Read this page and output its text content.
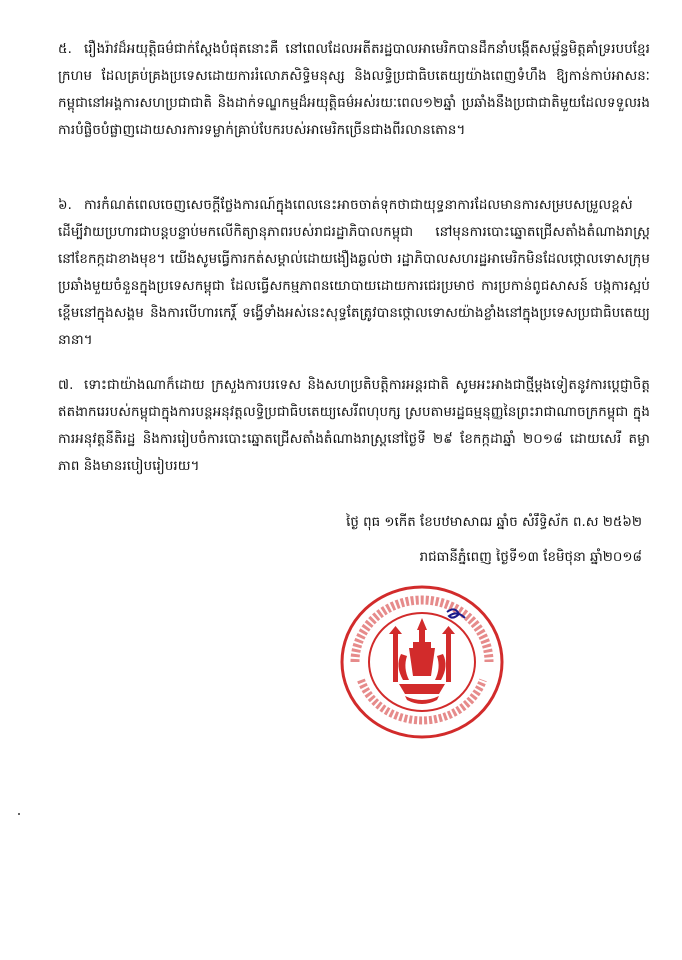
៥. រឿងរ៉ាវដ៏អយុត្តិធម៌ជាក់ស្តែងបំផុតនោះគឺ នៅពេលដែលអតីតរដ្ឋបាលអាមេរិកបានដឹកនាំបង្កើតសម្ព័ន្ធមិត្តគាំទ្ររបបខ្មែរក្រហម ដែលគ្រប់គ្រងប្រទេសដោយការរំលោភសិទ្ធិមនុស្ស និងលទ្ធិប្រជាធិបតេយ្យយ៉ាងពេញទំហឹង ឱ្យកាន់កាប់អាសនៈកម្ពុជានៅអង្គការសហប្រជាជាតិ និងដាក់ទណ្ឌកម្មដ៏អយុត្តិធម៌អស់រយៈពេល១២ឆ្នាំ ប្រឆាំងនឹងប្រជាជាតិមួយដែលទទួលរងការបំផ្លិចបំផ្លាញដោយសារការទម្លាក់គ្រាប់បែករបស់អាមេរិកច្រើនជាងពីរលានតោន។
៦. ការកំណត់ពេលចេញសេចក្តីថ្លែងការណ៍ក្នុងពេលនេះអាចចាត់ទុកថាជាយុទ្ធនាការដែលមានការសម្របសម្រួលខ្ពស់ដើម្បីវាយប្រហារជាបន្តបន្ទាប់មកលើកិត្យានុភាពរបស់រាជរដ្ឋាភិបាលកម្ពុជា នៅមុនការបោះឆ្នោតជ្រើសតាំងតំណាងរាស្ត្រនៅខែកក្កដាខាងមុខ។ យើងសូមធ្វើការកត់សម្គាល់ដោយងឿងឆ្ងល់ថា រដ្ឋាភិបាលសហរដ្ឋអាមេរិកមិនដែលថ្កោលទោសក្រុមប្រឆាំងមួយចំនួនក្នុងប្រទេសកម្ពុជា ដែលធ្វើសកម្មភាពនយោបាយដោយការជេរប្រមាថ ការប្រកាន់ពូជសាសន៍ បង្កការស្អប់ខ្ពើមនៅក្នុងសង្គម និងការបើហារកេរ្តិ៍ ទង្វើទាំងអស់នេះសុទ្ធតែត្រូវបានថ្កោលទោសយ៉ាងខ្លាំងនៅក្នុងប្រទេសប្រជាធិបតេយ្យនានា។
៧. ទោះជាយ៉ាងណាក៏ដោយ ក្រសួងការបរទេស និងសហប្រតិបត្តិការអន្តរជាតិ សូមអះអាងជាថ្មីម្តងទៀតនូវការប្តេជ្ញាចិត្តឥតងាករេរបស់កម្ពុជាក្នុងការបន្តអនុវត្តលទ្ធិប្រជាធិបតេយ្យសេរីពហុបក្ស ស្របតាមរដ្ឋធម្មនុញ្ញនៃព្រះរាជាណាចក្រកម្ពុជា ក្នុងការអនុវត្តនីតិរដ្ឋ និងការរៀបចំការបោះឆ្នោតជ្រើសតាំងតំណាងរាស្ត្រនៅថ្ងៃទី ២៩ ខែកក្កដាឆ្នាំ ២០១៨ ដោយសេរី តម្លាភាព និងមានរបៀបរៀបរយ។
ថ្ងៃ ពុធ ១កើត ខែបឋមាសាឍ ឆ្នាំច សំរឹទ្ធិស័ក ព.ស ២៥៦២
រាជធានីភ្នំពេញ ថ្ងៃទី១៣ ខែមិថុនា ឆ្នាំ២០១៨
